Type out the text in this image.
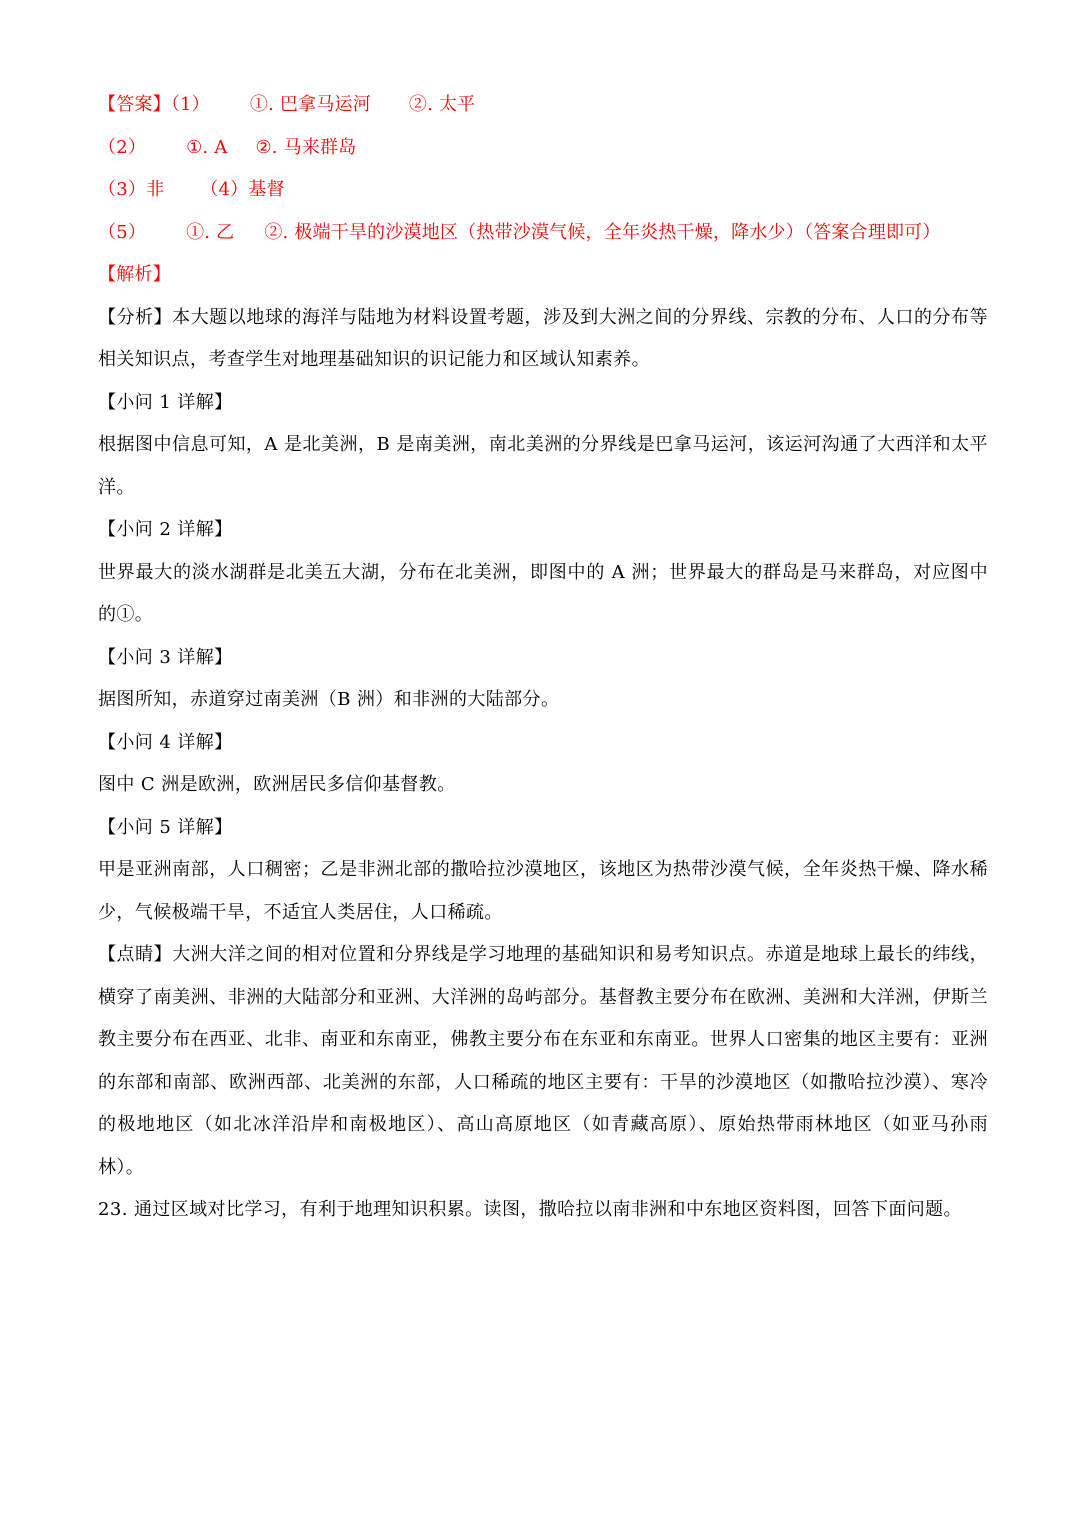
【答案】（1） ①. 巴拿马运河 ②. 太平
（2） ①. A ②. 马来群岛
（3）非 （4）基督
（5） ①. 乙 ②. 极端干旱的沙漠地区（热带沙漠气候，全年炎热干燥，降水少）（答案合理即可）
【解析】

【分析】本大题以地球的海洋与陆地为材料设置考题，涉及到大洲之间的分界线、宗教的分布、人口的分布等相关知识点，考查学生对地理基础知识的识记能力和区域认知素养。

【小问 1 详解】

根据图中信息可知，A 是北美洲，B 是南美洲，南北美洲的分界线是巴拿马运河，该运河沟通了大西洋和太平洋。

【小问 2 详解】

世界最大的淡水湖群是北美五大湖，分布在北美洲，即图中的 A 洲；世界最大的群岛是马来群岛，对应图中的①。

【小问 3 详解】

据图所知，赤道穿过南美洲（B 洲）和非洲的大陆部分。

【小问 4 详解】

图中 C 洲是欧洲，欧洲居民多信仰基督教。

【小问 5 详解】

甲是亚洲南部，人口稠密；乙是非洲北部的撒哈拉沙漠地区，该地区为热带沙漠气候，全年炎热干燥、降水稀少，气候极端干旱，不适宜人类居住，人口稀疏。

【点睛】大洲大洋之间的相对位置和分界线是学习地理的基础知识和易考知识点。赤道是地球上最长的纬线，横穿了南美洲、非洲的大陆部分和亚洲、大洋洲的岛屿部分。基督教主要分布在欧洲、美洲和大洋洲，伊斯兰教主要分布在西亚、北非、南亚和东南亚，佛教主要分布在东亚和东南亚。世界人口密集的地区主要有：亚洲的东部和南部、欧洲西部、北美洲的东部，人口稀疏的地区主要有：干旱的沙漠地区（如撒哈拉沙漠）、寒冷的极地地区（如北冰洋沿岸和南极地区）、高山高原地区（如青藏高原）、原始热带雨林地区（如亚马孙雨林）。

23. 通过区域对比学习，有利于地理知识积累。读图，撒哈拉以南非洲和中东地区资料图，回答下面问题。
